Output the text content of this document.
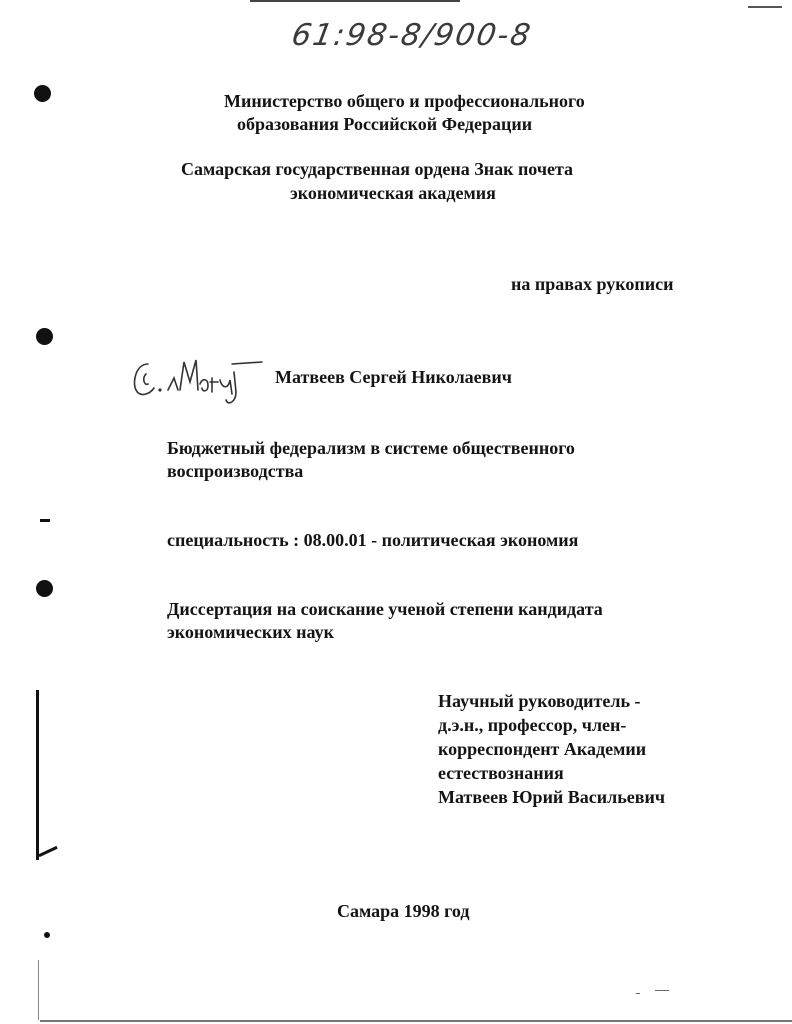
61:98-8/900-8
Министерство общего и профессионального
образования Российской Федерации
Самарская государственная ордена Знак почета
экономическая академия
на правах рукописи
Матвеев Сергей Николаевич
Бюджетный федерализм в системе общественного
воспроизводства
специальность : 08.00.01 - политическая экономия
Диссертация на соискание ученой степени кандидата
экономических наук
Научный руководитель -
д.э.н., профессор, член-
корреспондент Академии
естествознания
Матвеев Юрий Васильевич
Самара 1998 год
